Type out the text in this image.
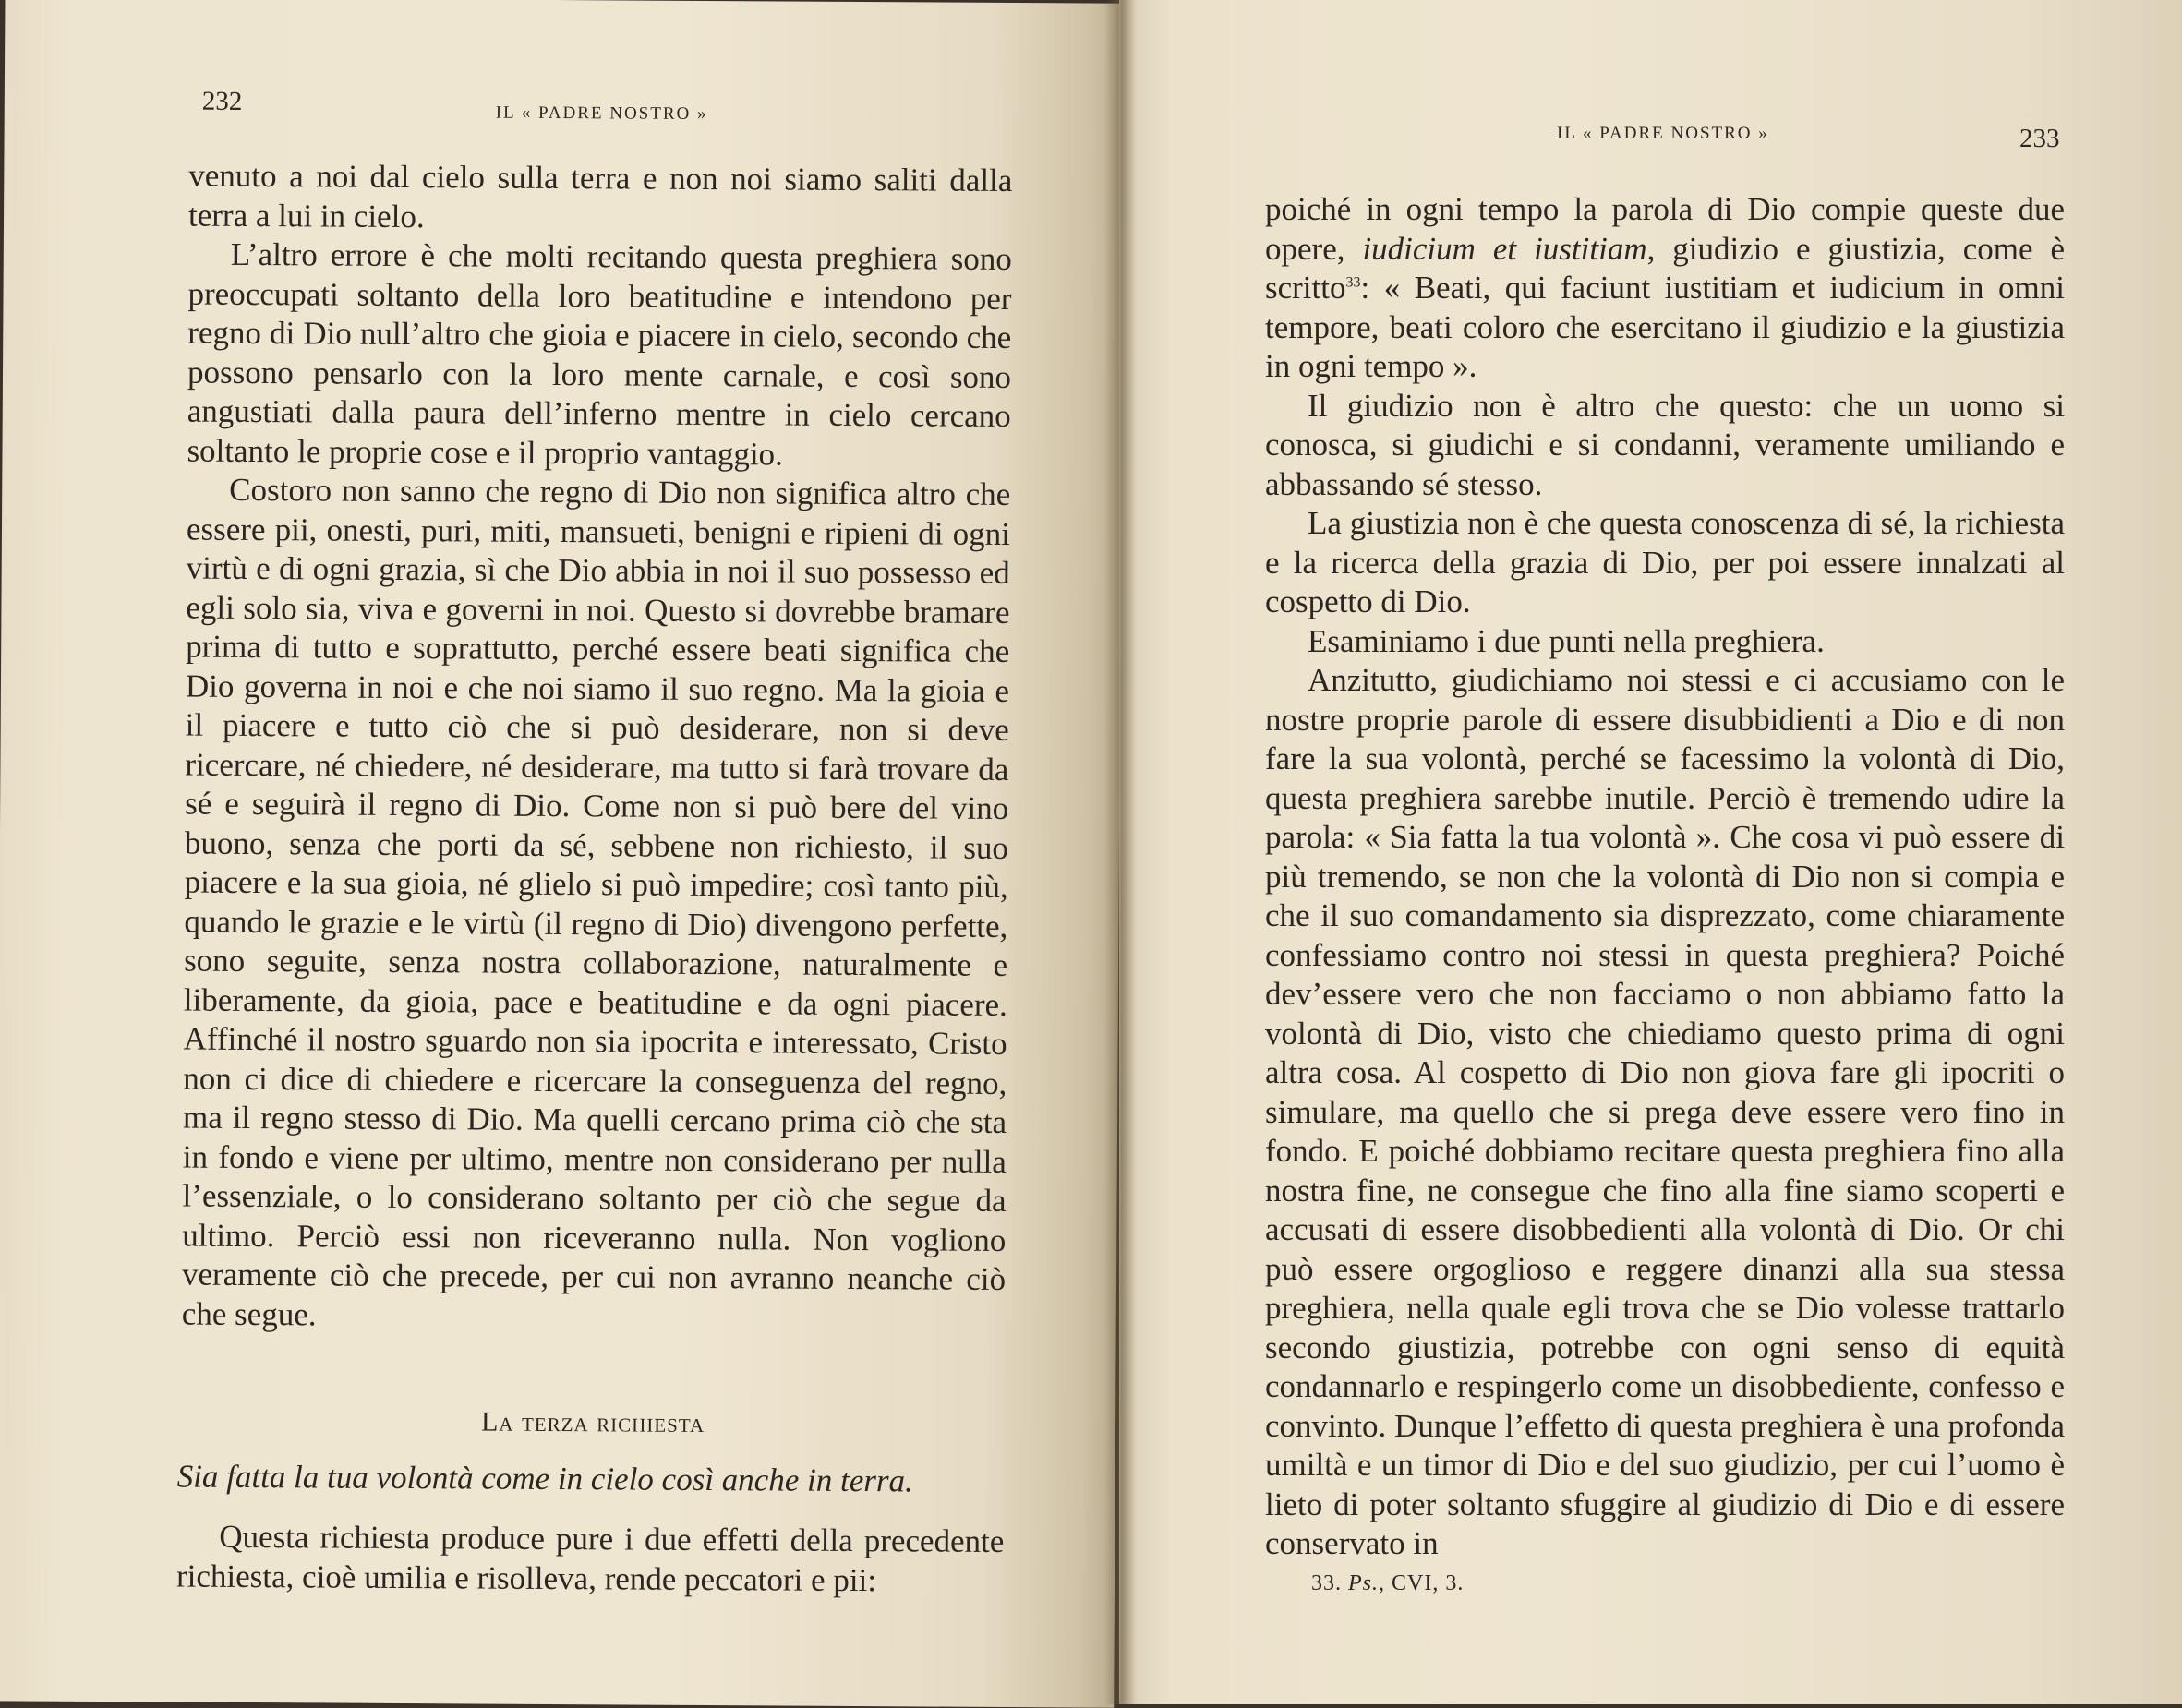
232	IL « PADRE NOSTRO »

venuto a noi dal cielo sulla terra e non noi siamo saliti dalla terra a lui in cielo.

L’altro errore è che molti recitando questa preghiera sono preoccupati soltanto della loro beatitudine e intendono per regno di Dio null’altro che gioia e piacere in cielo, secondo che possono pensarlo con la loro mente carnale, e così sono angustiati dalla paura dell’inferno mentre in cielo cercano soltanto le proprie cose e il proprio vantaggio.

Costoro non sanno che regno di Dio non significa altro che essere pii, onesti, puri, miti, mansueti, benigni e ripieni di ogni virtù e di ogni grazia, sì che Dio abbia in noi il suo possesso ed egli solo sia, viva e governi in noi. Questo si dovrebbe bramare prima di tutto e soprattutto, perché essere beati significa che Dio governa in noi e che noi siamo il suo regno. Ma la gioia e il piacere e tutto ciò che si può desiderare, non si deve ricercare, né chiedere, né desiderare, ma tutto si farà trovare da sé e seguirà il regno di Dio. Come non si può bere del vino buono, senza che porti da sé, sebbene non richiesto, il suo piacere e la sua gioia, né glielo si può impedire; così tanto più, quando le grazie e le virtù (il regno di Dio) divengono perfette, sono seguite, senza nostra collaborazione, naturalmente e liberamente, da gioia, pace e beatitudine e da ogni piacere. Affinché il nostro sguardo non sia ipocrita e interessato, Cristo non ci dice di chiedere e ricercare la conseguenza del regno, ma il regno stesso di Dio. Ma quelli cercano prima ciò che sta in fondo e viene per ultimo, mentre non considerano per nulla l’essenziale, o lo considerano soltanto per ciò che segue da ultimo. Perciò essi non riceveranno nulla. Non vogliono veramente ciò che precede, per cui non avranno neanche ciò che segue.

La terza richiesta
Sia fatta la tua volontà come in cielo così anche in terra.

Questa richiesta produce pure i due effetti della precedente richiesta, cioè umilia e risolleva, rende peccatori e pii:

IL « PADRE NOSTRO »	233

poiché in ogni tempo la parola di Dio compie queste due opere, iudicium et iustitiam, giudizio e giustizia, come è scritto$^{33}$: « Beati, qui faciunt iustitiam et iudicium in omni tempore, beati coloro che esercitano il giudizio e la giustizia in ogni tempo ».

Il giudizio non è altro che questo: che un uomo si conosca, si giudichi e si condanni, veramente umiliando e abbassando sé stesso.

La giustizia non è che questa conoscenza di sé, la richiesta e la ricerca della grazia di Dio, per poi essere innalzati al cospetto di Dio.

Esaminiamo i due punti nella preghiera.

Anzitutto, giudichiamo noi stessi e ci accusiamo con le nostre proprie parole di essere disubbidienti a Dio e di non fare la sua volontà, perché se facessimo la volontà di Dio, questa preghiera sarebbe inutile. Perciò è tremendo udire la parola: « Sia fatta la tua volontà ». Che cosa vi può essere di più tremendo, se non che la volontà di Dio non si compia e che il suo comandamento sia disprezzato, come chiaramente confessiamo contro noi stessi in questa preghiera? Poiché dev’essere vero che non facciamo o non abbiamo fatto la volontà di Dio, visto che chiediamo questo prima di ogni altra cosa. Al cospetto di Dio non giova fare gli ipocriti o simulare, ma quello che si prega deve essere vero fino in fondo. E poiché dobbiamo recitare questa preghiera fino alla nostra fine, ne consegue che fino alla fine siamo scoperti e accusati di essere disobbedienti alla volontà di Dio. Or chi può essere orgoglioso e reggere dinanzi alla sua stessa preghiera, nella quale egli trova che se Dio volesse trattarlo secondo giustizia, potrebbe con ogni senso di equità condannarlo e respingerlo come un disobbediente, confesso e convinto. Dunque l’effetto di questa preghiera è una profonda umiltà e un timor di Dio e del suo giudizio, per cui l’uomo è lieto di poter soltanto sfuggire al giudizio di Dio e di essere conservato in

33. Ps., CVI, 3.
